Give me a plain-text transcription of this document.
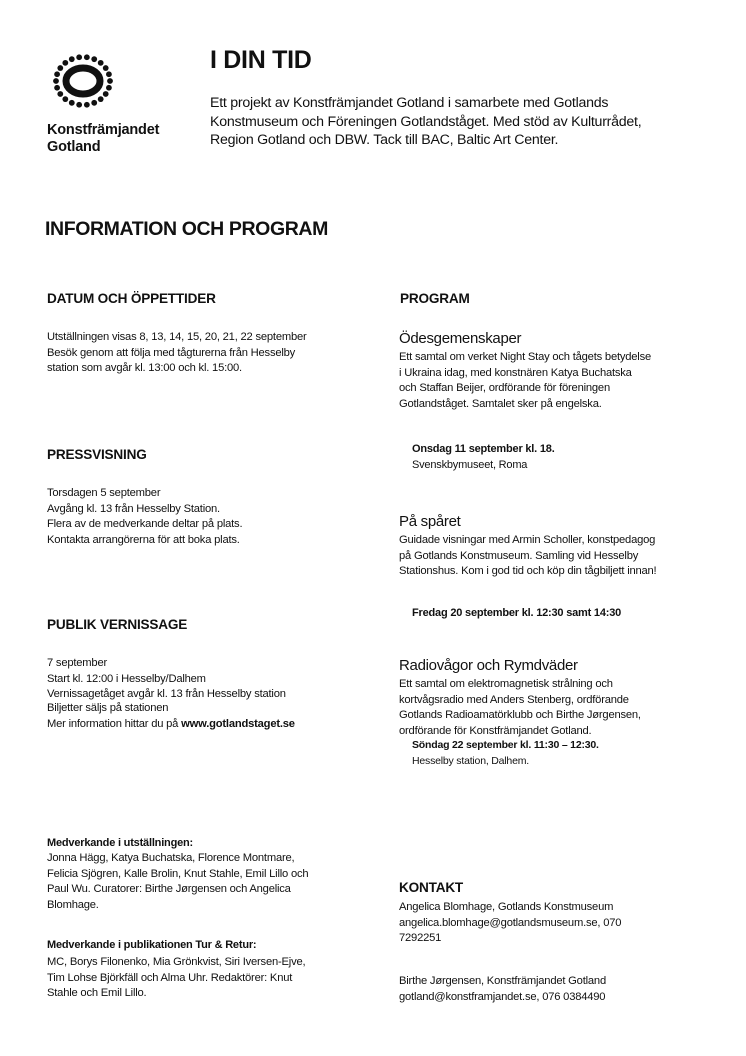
Konstfrämjandet
Gotland
I DIN TID
Ett projekt av Konstfrämjandet Gotland i samarbete med Gotlands
Konstmuseum och Föreningen Gotlandståget. Med stöd av Kulturrådet,
Region Gotland och DBW. Tack till BAC, Baltic Art Center.
INFORMATION OCH PROGRAM
DATUM OCH ÖPPETTIDER
Utställningen visas 8, 13, 14, 15, 20, 21, 22 september
Besök genom att följa med tågturerna från Hesselby
station som avgår kl. 13:00 och kl. 15:00.
PRESSVISNING
Torsdagen 5 september
Avgång kl. 13 från Hesselby Station.
Flera av de medverkande deltar på plats.
Kontakta arrangörerna för att boka plats.
PUBLIK VERNISSAGE
7 september
Start kl. 12:00 i Hesselby/Dalhem
Vernissagetåget avgår kl. 13 från Hesselby station
Biljetter säljs på stationen
Mer information hittar du på www.gotlandstaget.se
Medverkande i utställningen:
Jonna Hägg, Katya Buchatska, Florence Montmare,
Felicia Sjögren, Kalle Brolin, Knut Stahle, Emil Lillo och
Paul Wu. Curatorer: Birthe Jørgensen och Angelica
Blomhage.
Medverkande i publikationen Tur & Retur:
MC, Borys Filonenko, Mia Grönkvist, Siri Iversen-Ejve,
Tim Lohse Björkfäll och Alma Uhr. Redaktörer: Knut
Stahle och Emil Lillo.
PROGRAM
Ödesgemenskaper
Ett samtal om verket Night Stay och tågets betydelse
i Ukraina idag, med konstnären Katya Buchatska
och Staffan Beijer, ordförande för föreningen
Gotlandståget. Samtalet sker på engelska.
Onsdag 11 september kl. 18.
Svenskbymuseet, Roma
På spåret
Guidade visningar med Armin Scholler, konstpedagog
på Gotlands Konstmuseum. Samling vid Hesselby
Stationshus. Kom i god tid och köp din tågbiljett innan!
Fredag 20 september kl. 12:30 samt 14:30
Radiovågor och Rymdväder
Ett samtal om elektromagnetisk strålning och
kortvågsradio med Anders Stenberg, ordförande
Gotlands Radioamatörklubb och Birthe Jørgensen,
ordförande för Konstfrämjandet Gotland.
Söndag 22 september kl. 11:30 – 12:30.
Hesselby station, Dalhem.
KONTAKT
Angelica Blomhage, Gotlands Konstmuseum
angelica.blomhage@gotlandsmuseum.se, 070
7292251
Birthe Jørgensen, Konstfrämjandet Gotland
gotland@konstframjandet.se, 076 0384490
